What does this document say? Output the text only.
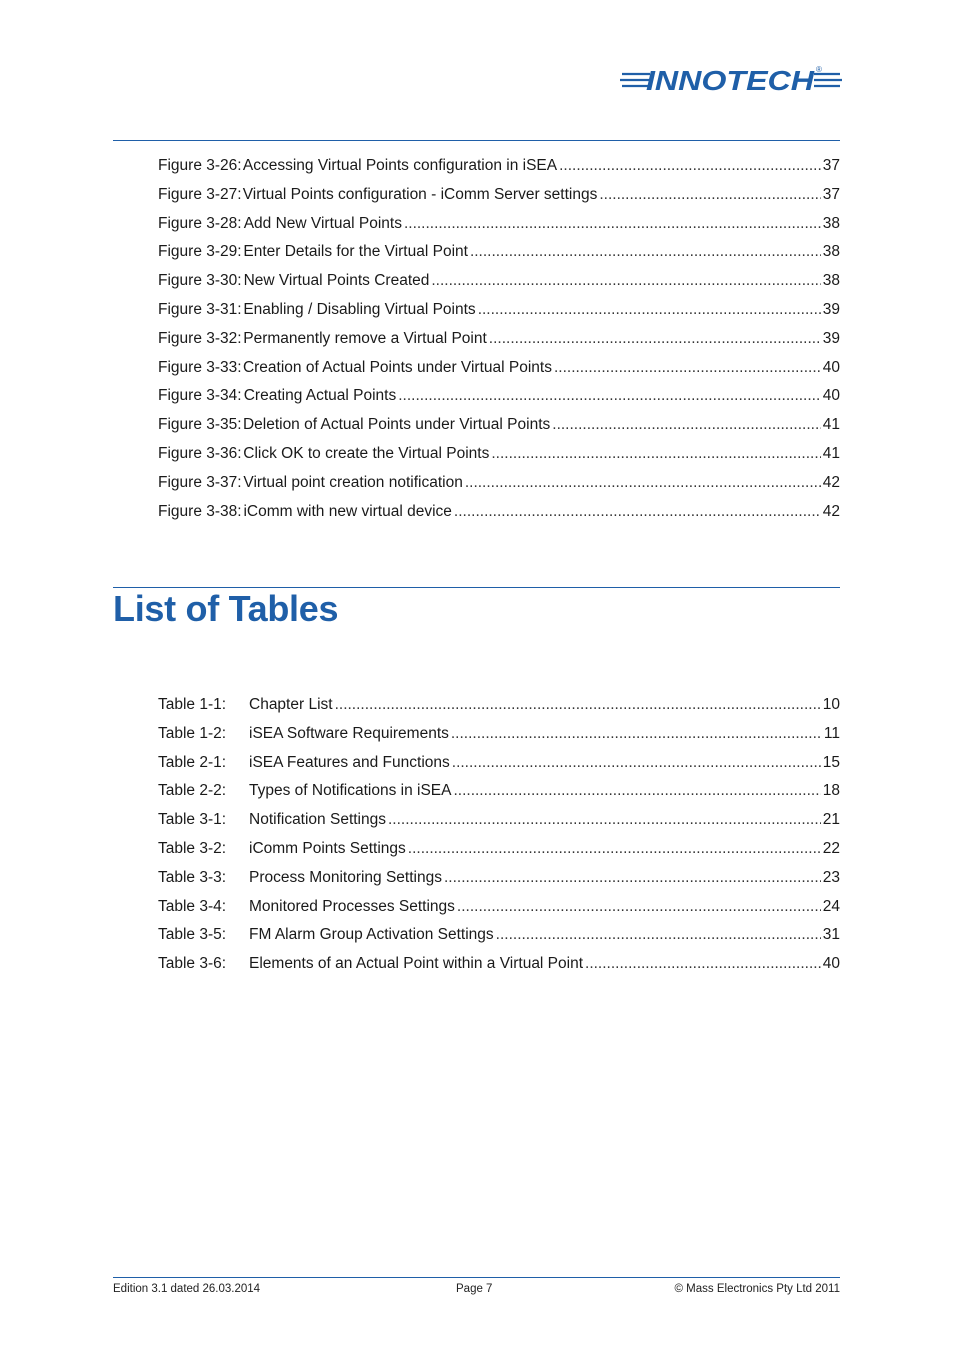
INNOTECH ®
Figure 3-26: Accessing Virtual Points configuration in iSEA .....	37
Figure 3-27: Virtual Points configuration - iComm Server settings .....	37
Figure 3-28: Add New Virtual Points .....	38
Figure 3-29: Enter Details for the Virtual Point .....	38
Figure 3-30: New Virtual Points Created .....	38
Figure 3-31: Enabling / Disabling Virtual Points .....	39
Figure 3-32: Permanently remove a Virtual Point .....	39
Figure 3-33: Creation of Actual Points under Virtual Points .....	40
Figure 3-34: Creating Actual Points .....	40
Figure 3-35: Deletion of Actual Points under Virtual Points .....	41
Figure 3-36: Click OK to create the Virtual Points .....	41
Figure 3-37: Virtual point creation notification .....	42
Figure 3-38: iComm with new virtual device .....	42
List of Tables
Table 1-1:	Chapter List .....	10
Table 1-2:	iSEA Software Requirements .....	11
Table 2-1:	iSEA Features and Functions .....	15
Table 2-2:	Types of Notifications in iSEA .....	18
Table 3-1:	Notification Settings .....	21
Table 3-2:	iComm Points Settings .....	22
Table 3-3:	Process Monitoring Settings .....	23
Table 3-4:	Monitored Processes Settings .....	24
Table 3-5:	FM Alarm Group Activation Settings .....	31
Table 3-6:	Elements of an Actual Point within a Virtual Point .....	40
Edition 3.1 dated 26.03.2014	Page 7	© Mass Electronics Pty Ltd 2011
